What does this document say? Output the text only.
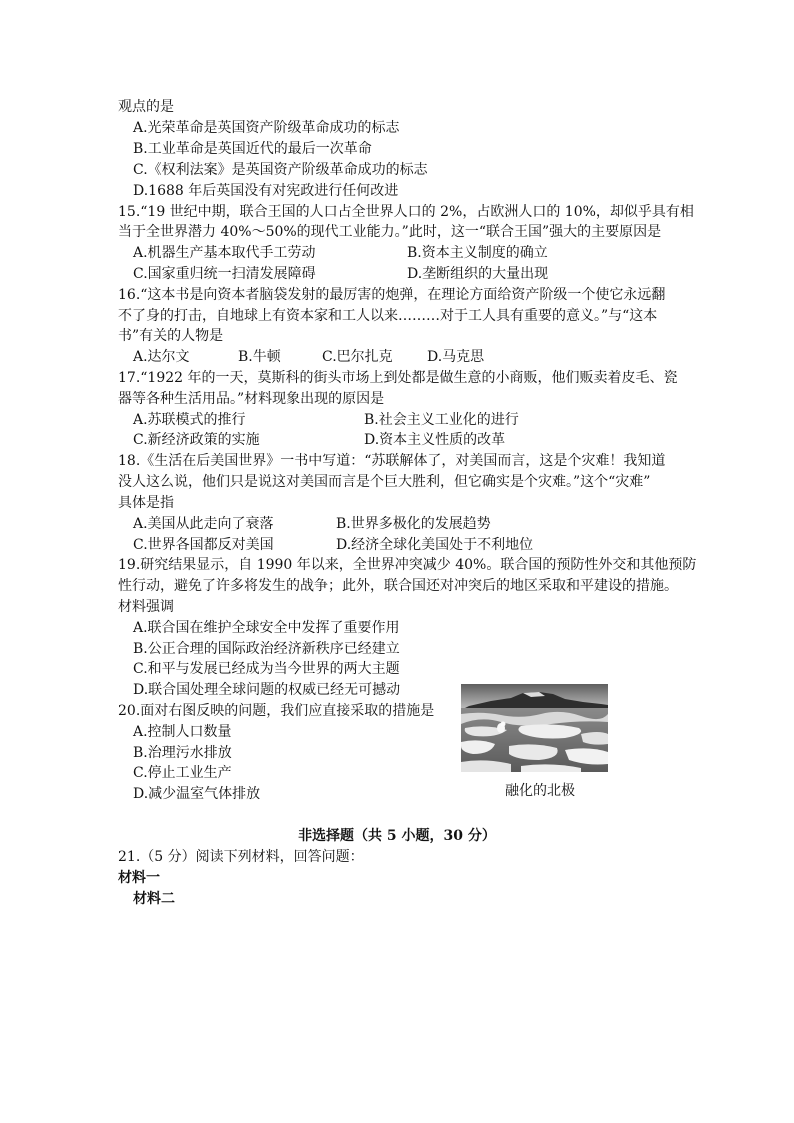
观点的是
A.光荣革命是英国资产阶级革命成功的标志
B.工业革命是英国近代的最后一次革命
C.《权利法案》是英国资产阶级革命成功的标志
D.1688 年后英国没有对宪政进行任何改进
15.“19 世纪中期，联合王国的人口占全世界人口的 2%，占欧洲人口的 10%，却似乎具有相
当于全世界潜力 40%～50%的现代工业能力。”此时，这一“联合王国”强大的主要原因是
A.机器生产基本取代手工劳动	B.资本主义制度的确立
C.国家重归统一扫清发展障碍	D.垄断组织的大量出现
16.“这本书是向资本者脑袋发射的最厉害的炮弹，在理论方面给资产阶级一个使它永远翻
不了身的打击，自地球上有资本家和工人以来………对于工人具有重要的意义。”与“这本
书”有关的人物是
A.达尔文	B.牛顿	C.巴尔扎克 D.马克思
17.“1922 年的一天，莫斯科的街头市场上到处都是做生意的小商贩，他们贩卖着皮毛、瓷
器等各种生活用品。”材料现象出现的原因是
A.苏联模式的推行	B.社会主义工业化的进行
C.新经济政策的实施	D.资本主义性质的改革
18.《生活在后美国世界》一书中写道：“苏联解体了，对美国而言，这是个灾难！我知道
没人这么说，他们只是说这对美国而言是个巨大胜利，但它确实是个灾难。”这个“灾难”
具体是指
A.美国从此走向了衰落	B.世界多极化的发展趋势
C.世界各国都反对美国	D.经济全球化美国处于不利地位
19.研究结果显示，自 1990 年以来，全世界冲突减少 40%。联合国的预防性外交和其他预防
性行动，避免了许多将发生的战争；此外，联合国还对冲突后的地区采取和平建设的措施。
材料强调
A.联合国在维护全球安全中发挥了重要作用
B.公正合理的国际政治经济新秩序已经建立
C.和平与发展已经成为当今世界的两大主题
D.联合国处理全球问题的权威已经无可撼动
20.面对右图反映的问题，我们应直接采取的措施是
A.控制人口数量
B.治理污水排放
C.停止工业生产
D.减少温室气体排放	融化的北极
非选择题（共 5 小题，30 分）
21.（5 分）阅读下列材料，回答问题：
材料一
材料二
